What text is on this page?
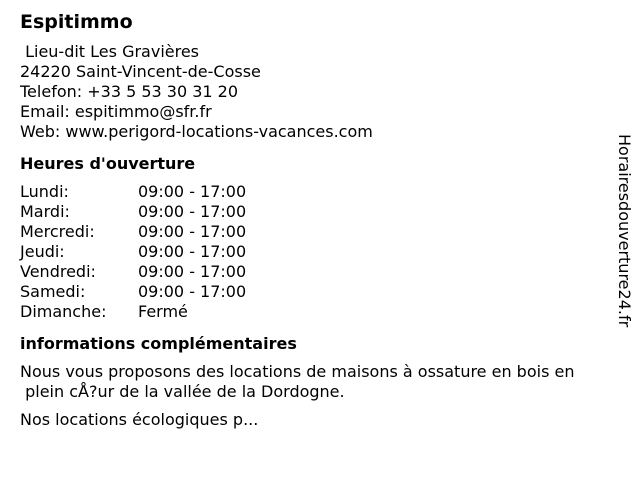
Espitimmo
Lieu-dit Les Gravières
24220 Saint-Vincent-de-Cosse
Telefon: +33 5 53 30 31 20
Email: espitimmo@sfr.fr
Web: www.perigord-locations-vacances.com
Heures d'ouverture
Lundi:	09:00 - 17:00
Mardi:	09:00 - 17:00
Mercredi:	09:00 - 17:00
Jeudi:	09:00 - 17:00
Vendredi:	09:00 - 17:00
Samedi:	09:00 - 17:00
Dimanche:	Fermé
informations complémentaires
Nous vous proposons des locations de maisons à ossature en bois en
plein cÅ?ur de la vallée de la Dordogne.
Nos locations écologiques p...
Horairesdouverture24.fr
